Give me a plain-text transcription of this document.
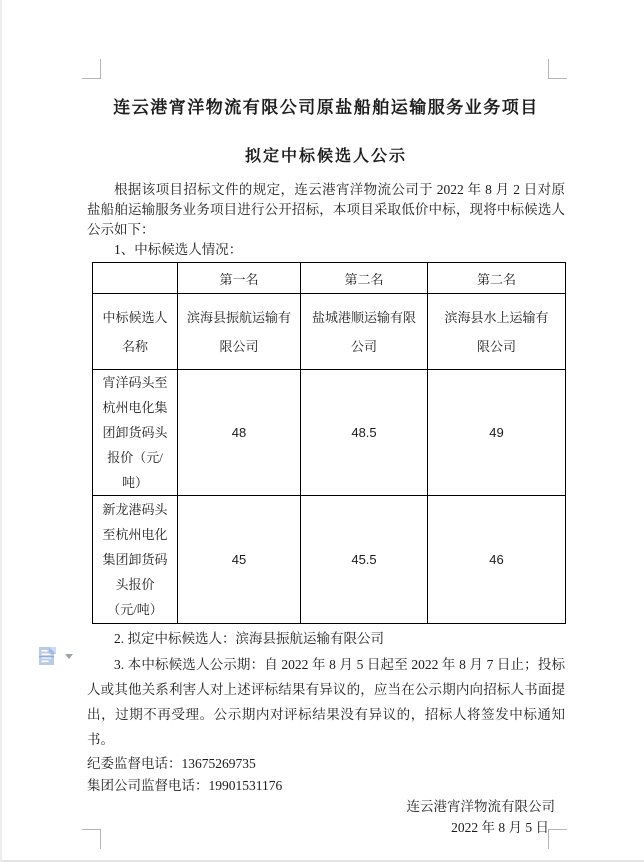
连云港宵洋物流有限公司原盐船舶运输服务业务项目
拟定中标候选人公示

根据该项目招标文件的规定，连云港宵洋物流公司于 2022 年 8 月 2 日对原盐船舶运输服务业务项目进行公开招标，本项目采取低价中标，现将中标候选人公示如下：

1、中标候选人情况：

	第一名	第二名	第二名
中标候选人名称	滨海县振航运输有限公司	盐城港顺运输有限公司	滨海县水上运输有限公司
宵洋码头至杭州电化集团卸货码头报价（元/吨）	48	48.5	49
新龙港码头至杭州电化集团卸货码头报价（元/吨）	45	45.5	46

2. 拟定中标候选人：滨海县振航运输有限公司

3. 本中标候选人公示期：自 2022 年 8 月 5 日起至 2022 年 8 月 7 日止；投标人或其他关系利害人对上述评标结果有异议的，应当在公示期内向招标人书面提出，过期不再受理。公示期内对评标结果没有异议的，招标人将签发中标通知书。

纪委监督电话：13675269735

集团公司监督电话：19901531176

连云港宵洋物流有限公司
2022 年 8 月 5 日
